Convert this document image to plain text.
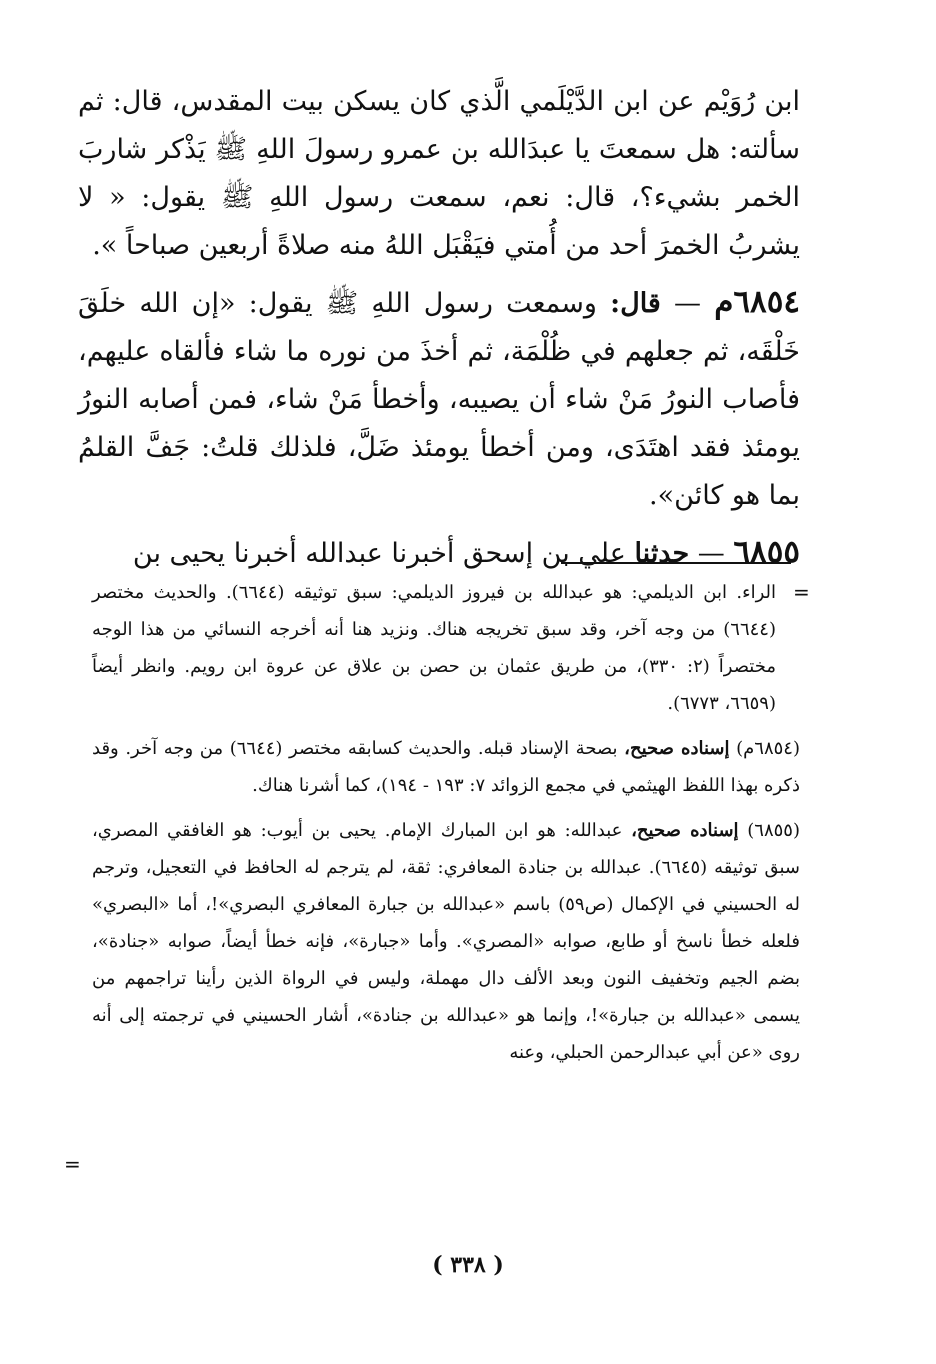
ابن رُوَيْم عن ابن الدَّيْلَمي الَّذي كان يسكن بيت المقدس، قال: ثم سألته: هل سمعتَ يا عبدَالله بن عمرو رسولَ اللهِ ﷺ يَذْكر شاربَ الخمر بشيء؟، قال: نعم، سمعت رسول اللهِ ﷺ يقول: « لا يشربُ الخمرَ أحد من أُمتي فيَقْبَل اللهُ منه صلاةً أربعين صباحاً ».

٦٨٥٤م — قال: وسمعت رسول اللهِ ﷺ يقول: «إن الله خلَقَ خَلْقَه، ثم جعلهم في ظُلْمَة، ثم أخذَ من نوره ما شاء فألقاه عليهم، فأصاب النورُ مَنْ شاء أن يصيبه، وأخطأ مَنْ شاء، فمن أصابه النورُ يومئذ فقد اهتَدَى، ومن أخطأ يومئذ ضَلَّ، فلذلك قلتُ: جَفَّ القلمُ بما هو كائن».

٦٨٥٥ — حدثنا علي بن إسحق أخبرنا عبدالله أخبرنا يحيى بن

=

الراء. ابن الديلمي: هو عبدالله بن فيروز الديلمي: سبق توثيقه (٦٦٤٤). والحديث مختصر (٦٦٤٤) من وجه آخر، وقد سبق تخريجه هناك. ونزيد هنا أنه أخرجه النسائي من هذا الوجه مختصراً (٢: ٣٣٠)، من طريق عثمان بن حصن بن علاق عن عروة ابن رويم. وانظر أيضاً (٦٦٥٩، ٦٧٧٣).

(٦٨٥٤م) إسناده صحيح، بصحة الإسناد قبله. والحديث كسابقه مختصر (٦٦٤٤) من وجه آخر. وقد ذكره بهذا اللفظ الهيثمي في مجمع الزوائد ٧: ١٩٣ - ١٩٤)، كما أشرنا هناك.

(٦٨٥٥) إسناده صحيح، عبدالله: هو ابن المبارك الإمام. يحيى بن أيوب: هو الغافقي المصري، سبق توثيقه (٦٦٤٥). عبدالله بن جنادة المعافري: ثقة، لم يترجم له الحافظ في التعجيل، وترجم له الحسيني في الإكمال (ص٥٩) باسم «عبدالله بن جبارة المعافري البصري»!، أما «البصري» فلعله خطأ ناسخ أو طابع، صوابه «المصري». وأما «جبارة»، فإنه خطأ أيضاً، صوابه «جنادة»، بضم الجيم وتخفيف النون وبعد الألف دال مهملة، وليس في الرواة الذين رأينا تراجمهم من يسمى «عبدالله بن جبارة»!، وإنما هو «عبدالله بن جنادة»، أشار الحسيني في ترجمته إلى أنه روى «عن أبي عبدالرحمن الحبلي، وعنه

=
( ٣٣٨ )
